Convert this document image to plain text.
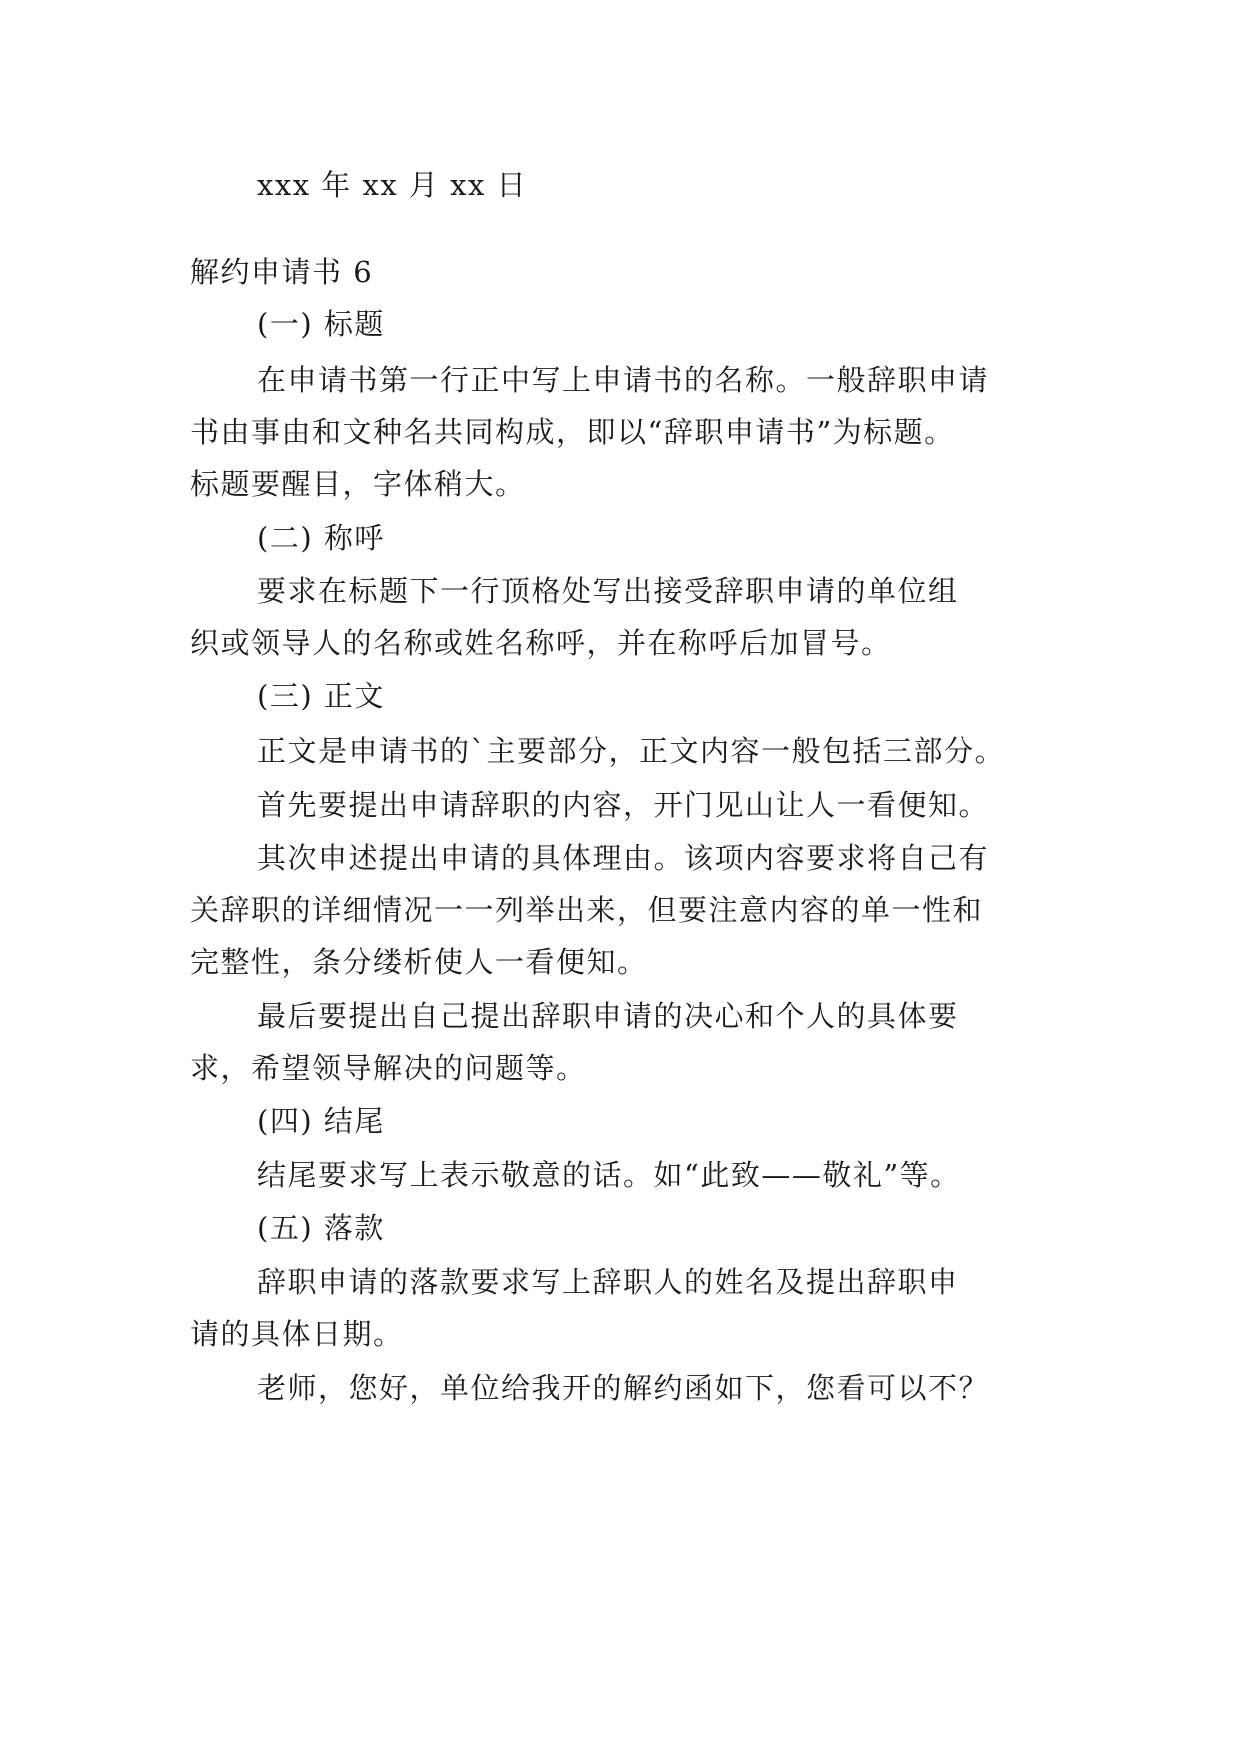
xxx 年 xx 月 xx 日
解约申请书 6
(一) 标题
在申请书第一行正中写上申请书的名称。一般辞职申请
书由事由和文种名共同构成，即以“辞职申请书”为标题。
标题要醒目，字体稍大。
(二) 称呼
要求在标题下一行顶格处写出接受辞职申请的单位组
织或领导人的名称或姓名称呼，并在称呼后加冒号。
(三) 正文
正文是申请书的`主要部分，正文内容一般包括三部分。
首先要提出申请辞职的内容，开门见山让人一看便知。
其次申述提出申请的具体理由。该项内容要求将自己有
关辞职的详细情况一一列举出来，但要注意内容的单一性和
完整性，条分缕析使人一看便知。
最后要提出自己提出辞职申请的决心和个人的具体要
求，希望领导解决的问题等。
(四) 结尾
结尾要求写上表示敬意的话。如“此致——敬礼”等。
(五) 落款
辞职申请的落款要求写上辞职人的姓名及提出辞职申
请的具体日期。
老师，您好，单位给我开的解约函如下，您看可以不？
